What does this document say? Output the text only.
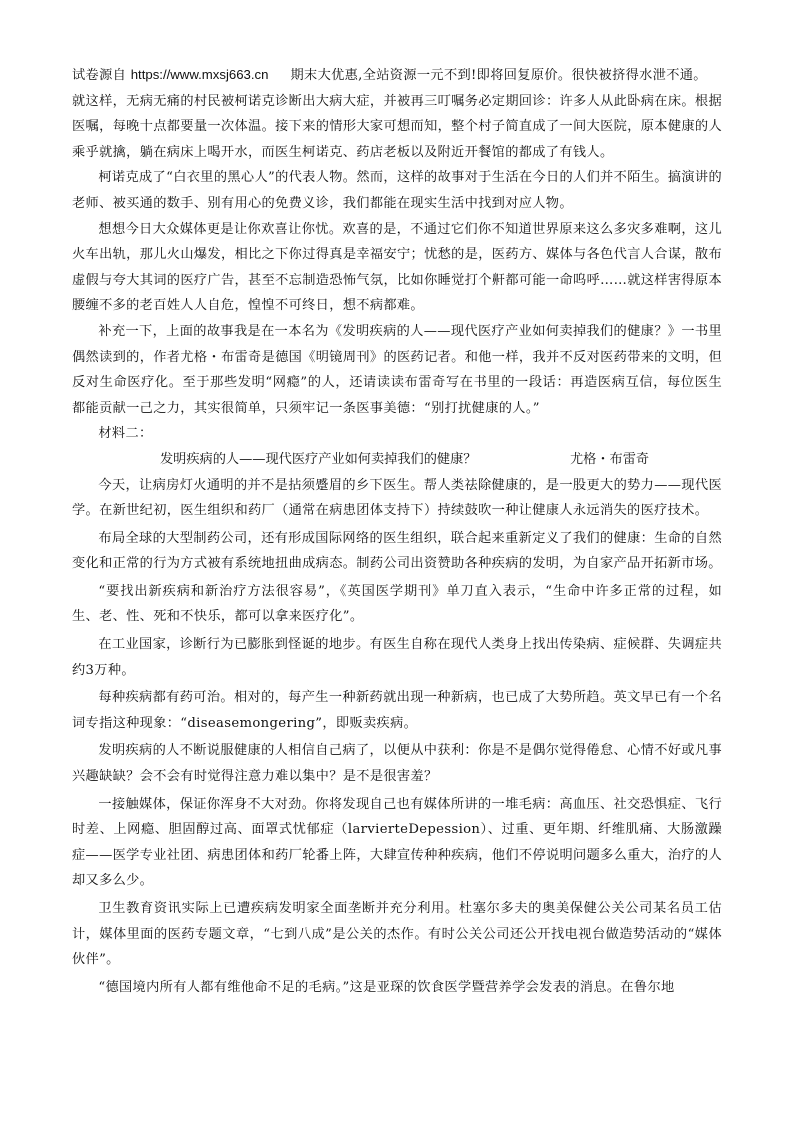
试卷源自 https://www.mxsj663.cn 期末大优惠,全站资源一元不到!即将回复原价。很快被挤得水泄不通。

就这样，无病无痛的村民被柯诺克诊断出大病大症，并被再三叮嘱务必定期回诊：许多人从此卧病在床。根据医嘱，每晚十点都要量一次体温。接下来的情形大家可想而知，整个村子简直成了一间大医院，原本健康的人乘乎就擒，躺在病床上喝开水，而医生柯诺克、药店老板以及附近开餐馆的都成了有钱人。

柯诺克成了“白衣里的黑心人”的代表人物。然而，这样的故事对于生活在今日的人们并不陌生。搞演讲的老师、被买通的数手、别有用心的免费义诊，我们都能在现实生活中找到对应人物。

想想今日大众媒体更是让你欢喜让你忧。欢喜的是，不通过它们你不知道世界原来这么多灾多难啊，这儿火车出轨，那儿火山爆发，相比之下你过得真是幸福安宁；忧愁的是，医药方、媒体与各色代言人合谋，散布虚假与夸大其词的医疗广告，甚至不忘制造恐怖气氛，比如你睡觉打个鼾都可能一命呜呼……就这样害得原本腰缠不多的老百姓人人自危，惶惶不可终日，想不病都难。

补充一下，上面的故事我是在一本名为《发明疾病的人——现代医疗产业如何卖掉我们的健康？》一书里偶然读到的，作者尤格・布雷奇是德国《明镜周刊》的医药记者。和他一样，我并不反对医药带来的文明，但反对生命医疗化。至于那些发明“网瘾”的人，还请读读布雷奇写在书里的一段话：再造医病互信，每位医生都能贡献一己之力，其实很简单，只须牢记一条医事美德：“别打扰健康的人。”

材料二：

发明疾病的人——现代医疗产业如何卖掉我们的健康？	尤格・布雷奇

今天，让病房灯火通明的并不是拈须蹙眉的乡下医生。帮人类祛除健康的，是一股更大的势力——现代医学。在新世纪初，医生组织和药厂（通常在病患团体支持下）持续鼓吹一种让健康人永远消失的医疗技术。

布局全球的大型制药公司，还有形成国际网络的医生组织，联合起来重新定义了我们的健康：生命的自然变化和正常的行为方式被有系统地扭曲成病态。制药公司出资赞助各种疾病的发明，为自家产品开拓新市场。

“要找出新疾病和新治疗方法很容易”，《英国医学期刊》单刀直入表示，“生命中许多正常的过程，如生、老、性、死和不快乐，都可以拿来医疗化”。

在工业国家，诊断行为已膨胀到怪诞的地步。有医生自称在现代人类身上找出传染病、症候群、失调症共约3万种。

每种疾病都有药可治。相对的，每产生一种新药就出现一种新病，也已成了大势所趋。英文早已有一个名词专指这种现象：“diseasemongering”，即贩卖疾病。

发明疾病的人不断说服健康的人相信自己病了，以便从中获利：你是不是偶尔觉得倦怠、心情不好或凡事兴趣缺缺？会不会有时觉得注意力难以集中？是不是很害羞？

一接触媒体，保证你浑身不大对劲。你将发现自己也有媒体所讲的一堆毛病：高血压、社交恐惧症、飞行时差、上网瘾、胆固醇过高、面罩式忧郁症（larvierteDepession）、过重、更年期、纤维肌痛、大肠激躁症——医学专业社团、病患团体和药厂轮番上阵，大肆宣传种种疾病，他们不停说明问题多么重大，治疗的人却又多么少。

卫生教育资讯实际上已遭疾病发明家全面垄断并充分利用。杜塞尔多夫的奥美保健公关公司某名员工估计，媒体里面的医药专题文章，“七到八成”是公关的杰作。有时公关公司还公开找电视台做造势活动的“媒体伙伴”。

“德国境内所有人都有维他命不足的毛病。”这是亚琛的饮食医学暨营养学会发表的消息。在鲁尔地
